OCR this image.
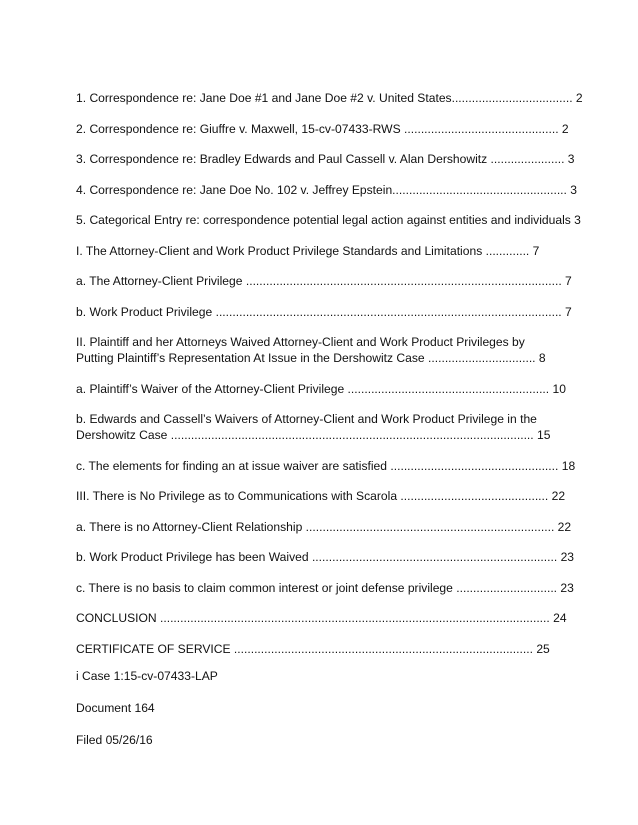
1. Correspondence re: Jane Doe #1 and Jane Doe #2 v. United States.................................... 2
2. Correspondence re: Giuffre v. Maxwell, 15-cv-07433-RWS .............................................. 2
3. Correspondence re: Bradley Edwards and Paul Cassell v. Alan Dershowitz ...................... 3
4. Correspondence re: Jane Doe No. 102 v. Jeffrey Epstein.................................................... 3
5. Categorical Entry re: correspondence potential legal action against entities and individuals 3
I. The Attorney-Client and Work Product Privilege Standards and Limitations ............. 7
a. The Attorney-Client Privilege .............................................................................................. 7
b. Work Product Privilege ....................................................................................................... 7
II. Plaintiff and her Attorneys Waived Attorney-Client and Work Product Privileges by Putting Plaintiff’s Representation At Issue in the Dershowitz Case ................................ 8
a. Plaintiff’s Waiver of the Attorney-Client Privilege ............................................................ 10
b. Edwards and Cassell’s Waivers of Attorney-Client and Work Product Privilege in the Dershowitz Case ............................................................................................................ 15
c. The elements for finding an at issue waiver are satisfied .................................................. 18
III. There is No Privilege as to Communications with Scarola ............................................ 22
a. There is no Attorney-Client Relationship .......................................................................... 22
b. Work Product Privilege has been Waived ......................................................................... 23
c. There is no basis to claim common interest or joint defense privilege .............................. 23
CONCLUSION .................................................................................................................... 24
CERTIFICATE OF SERVICE ......................................................................................... 25
i Case 1:15-cv-07433-LAP
Document 164
Filed 05/26/16
